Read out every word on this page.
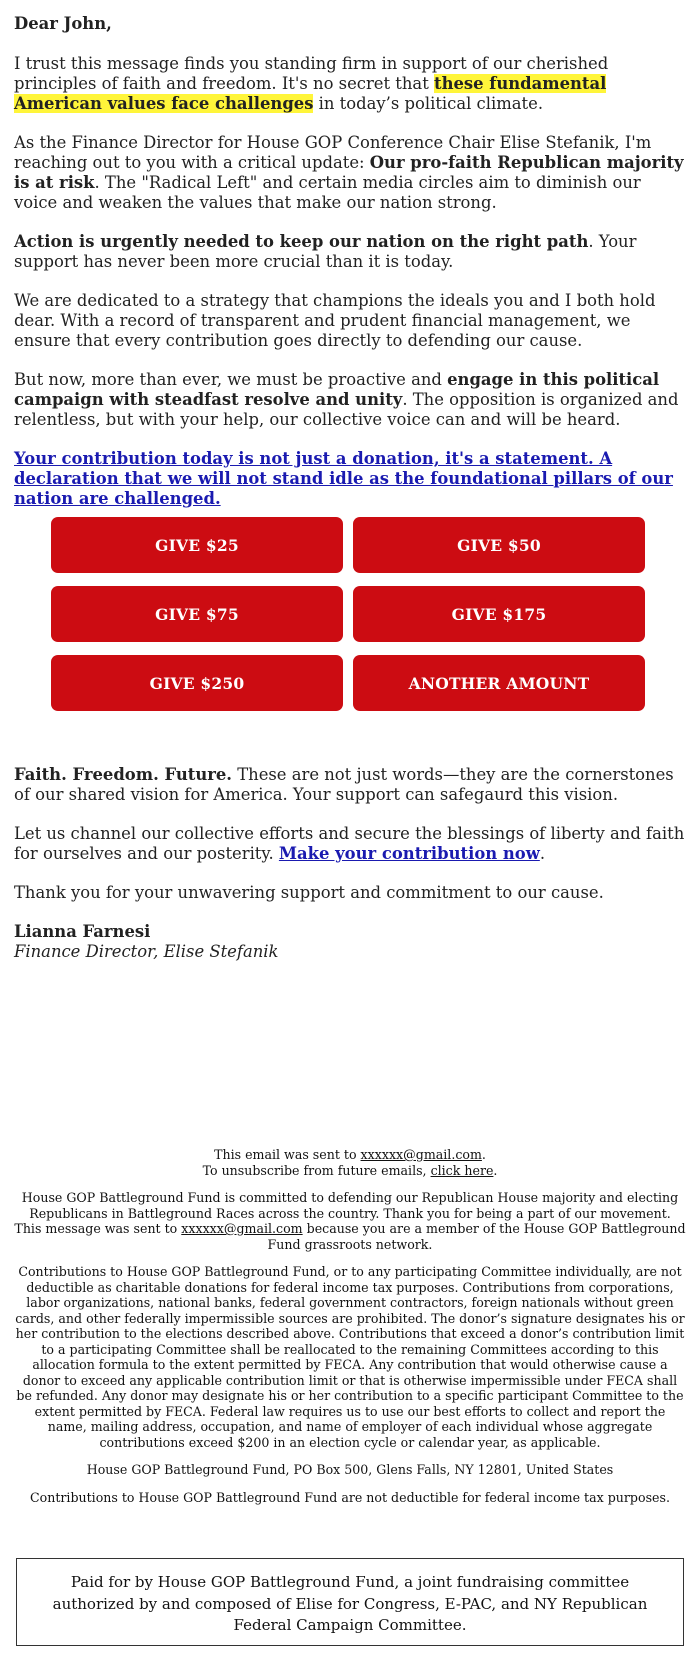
Dear John,

I trust this message finds you standing firm in support of our cherished principles of faith and freedom. It's no secret that these fundamental American values face challenges in today’s political climate.

As the Finance Director for House GOP Conference Chair Elise Stefanik, I'm reaching out to you with a critical update: Our pro-faith Republican majority is at risk. The "Radical Left" and certain media circles aim to diminish our voice and weaken the values that make our nation strong.

Action is urgently needed to keep our nation on the right path. Your support has never been more crucial than it is today.

We are dedicated to a strategy that champions the ideals you and I both hold dear. With a record of transparent and prudent financial management, we ensure that every contribution goes directly to defending our cause.

But now, more than ever, we must be proactive and engage in this political campaign with steadfast resolve and unity. The opposition is organized and relentless, but with your help, our collective voice can and will be heard.

Your contribution today is not just a donation, it's a statement. A declaration that we will not stand idle as the foundational pillars of our nation are challenged.

GIVE $25	GIVE $50
GIVE $75	GIVE $175
GIVE $250	ANOTHER AMOUNT

Faith. Freedom. Future. These are not just words—they are the cornerstones of our shared vision for America. Your support can safegaurd this vision.

Let us channel our collective efforts and secure the blessings of liberty and faith for ourselves and our posterity. Make your contribution now.

Thank you for your unwavering support and commitment to our cause.

Lianna Farnesi

Finance Director, Elise Stefanik

This email was sent to xxxxxx@gmail.com.

To unsubscribe from future emails, click here.

House GOP Battleground Fund is committed to defending our Republican House majority and electing Republicans in Battleground Races across the country. Thank you for being a part of our movement. This message was sent to xxxxxx@gmail.com because you are a member of the House GOP Battleground Fund grassroots network.

Contributions to House GOP Battleground Fund, or to any participating Committee individually, are not deductible as charitable donations for federal income tax purposes. Contributions from corporations, labor organizations, national banks, federal government contractors, foreign nationals without green cards, and other federally impermissible sources are prohibited. The donor’s signature designates his or her contribution to the elections described above. Contributions that exceed a donor’s contribution limit to a participating Committee shall be reallocated to the remaining Committees according to this allocation formula to the extent permitted by FECA. Any contribution that would otherwise cause a donor to exceed any applicable contribution limit or that is otherwise impermissible under FECA shall be refunded. Any donor may designate his or her contribution to a specific participant Committee to the extent permitted by FECA. Federal law requires us to use our best efforts to collect and report the name, mailing address, occupation, and name of employer of each individual whose aggregate contributions exceed $200 in an election cycle or calendar year, as applicable.

House GOP Battleground Fund, PO Box 500, Glens Falls, NY 12801, United States

Contributions to House GOP Battleground Fund are not deductible for federal income tax purposes.

Paid for by House GOP Battleground Fund, a joint fundraising committee authorized by and composed of Elise for Congress, E-PAC, and NY Republican Federal Campaign Committee.
